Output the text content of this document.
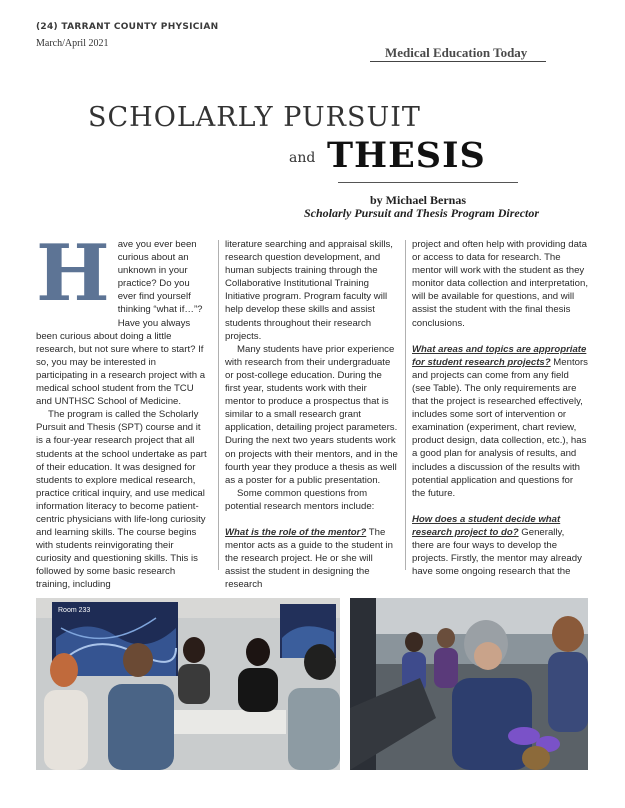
(24) TARRANT COUNTY PHYSICIAN
March/April 2021
Medical Education Today
SCHOLARLY PURSUIT
and THESIS
by Michael Bernas
Scholarly Pursuit and Thesis Program Director

H ave you ever been
curious about an
unknown in your
practice? Do you
ever find yourself
thinking “what if…”?
Have you always been curious about doing a little research, but not sure where to start? If so, you may be interested in participating in a research project with a medical school student from the TCU and UNTHSC School of Medicine.

The program is called the Scholarly Pursuit and Thesis (SPT) course and it is a four-year research project that all students at the school undertake as part of their education. It was designed for students to explore medical research, practice critical inquiry, and use medical information literacy to become patient-centric physicians with life-long curiosity and learning skills. The course begins with students reinvigorating their curiosity and questioning skills. This is followed by some basic research training, including

literature searching and appraisal skills, research question development, and human subjects training through the Collaborative Institutional Training Initiative program. Program faculty will help develop these skills and assist students throughout their research projects.

Many students have prior experience with research from their undergraduate or post-college education. During the first year, students work with their mentor to produce a prospectus that is similar to a small research grant application, detailing project parameters. During the next two years students work on projects with their mentors, and in the fourth year they produce a thesis as well as a poster for a public presentation.

Some common questions from potential research mentors include:

What is the role of the mentor? The mentor acts as a guide to the student in the research project. He or she will assist the student in designing the research

project and often help with providing data or access to data for research. The mentor will work with the student as they monitor data collection and interpretation, will be available for questions, and will assist the student with the final thesis conclusions.

What areas and topics are appropriate for student research projects? Mentors and projects can come from any field (see Table). The only requirements are that the project is researched effectively, includes some sort of intervention or examination (experiment, chart review, product design, data collection, etc.), has a good plan for analysis of results, and includes a discussion of the results with potential application and questions for the future.

How does a student decide what research project to do? Generally, there are four ways to develop the projects. Firstly, the mentor may already have some ongoing research that the

Room 233
